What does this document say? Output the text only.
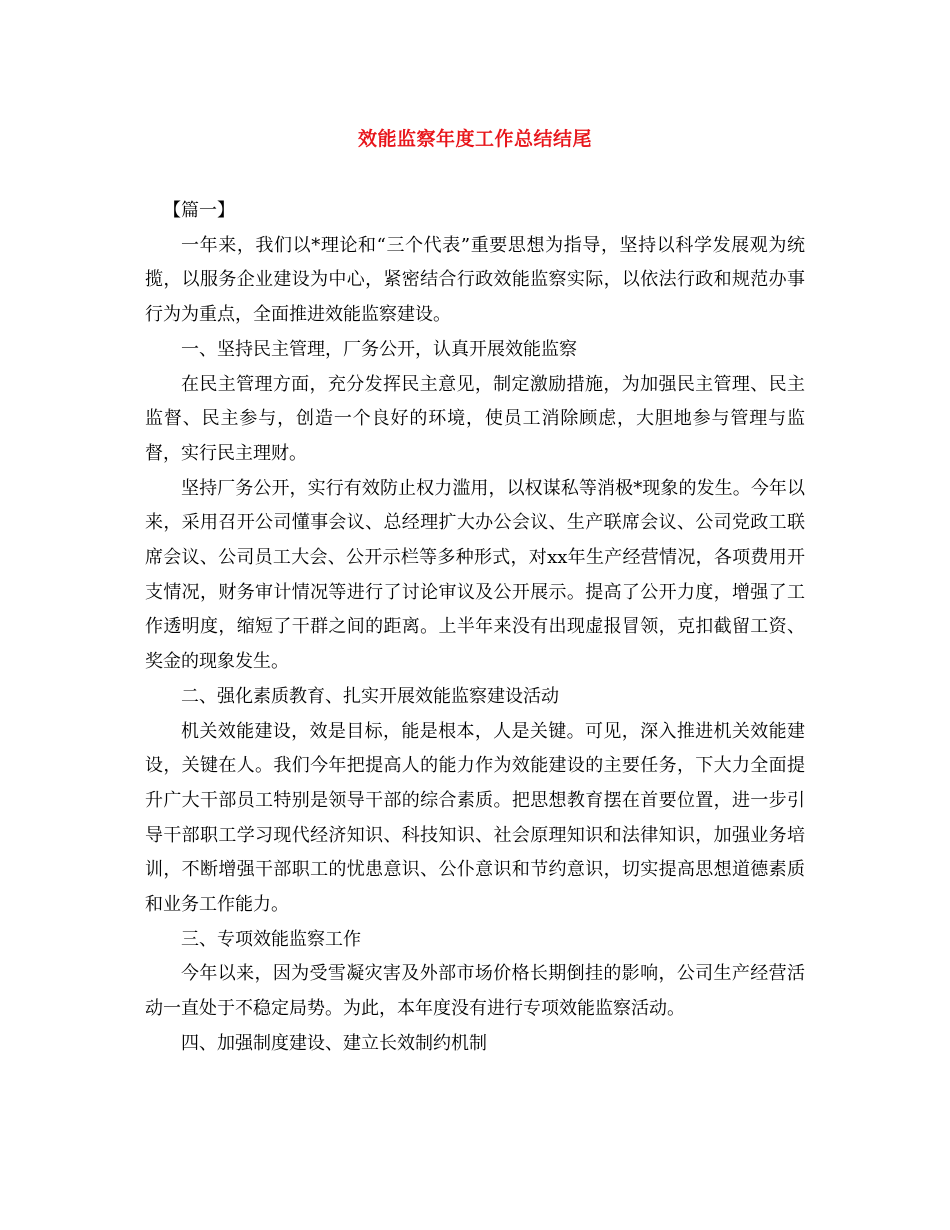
效能监察年度工作总结结尾

【篇一】

一年来，我们以*理论和“三个代表”重要思想为指导，坚持以科学发展观为统揽，以服务企业建设为中心，紧密结合行政效能监察实际，以依法行政和规范办事行为为重点，全面推进效能监察建设。

一、坚持民主管理，厂务公开，认真开展效能监察

在民主管理方面，充分发挥民主意见，制定激励措施，为加强民主管理、民主监督、民主参与，创造一个良好的环境，使员工消除顾虑，大胆地参与管理与监督，实行民主理财。

坚持厂务公开，实行有效防止权力滥用，以权谋私等消极*现象的发生。今年以来，采用召开公司懂事会议、总经理扩大办公会议、生产联席会议、公司党政工联席会议、公司员工大会、公开示栏等多种形式，对xx年生产经营情况，各项费用开支情况，财务审计情况等进行了讨论审议及公开展示。提高了公开力度，增强了工作透明度，缩短了干群之间的距离。上半年来没有出现虚报冒领，克扣截留工资、奖金的现象发生。

二、强化素质教育、扎实开展效能监察建设活动

机关效能建设，效是目标，能是根本，人是关键。可见，深入推进机关效能建设，关键在人。我们今年把提高人的能力作为效能建设的主要任务，下大力全面提升广大干部员工特别是领导干部的综合素质。把思想教育摆在首要位置，进一步引导干部职工学习现代经济知识、科技知识、社会原理知识和法律知识，加强业务培训，不断增强干部职工的忧患意识、公仆意识和节约意识，切实提高思想道德素质和业务工作能力。

三、专项效能监察工作

今年以来，因为受雪凝灾害及外部市场价格长期倒挂的影响，公司生产经营活动一直处于不稳定局势。为此，本年度没有进行专项效能监察活动。

四、加强制度建设、建立长效制约机制
